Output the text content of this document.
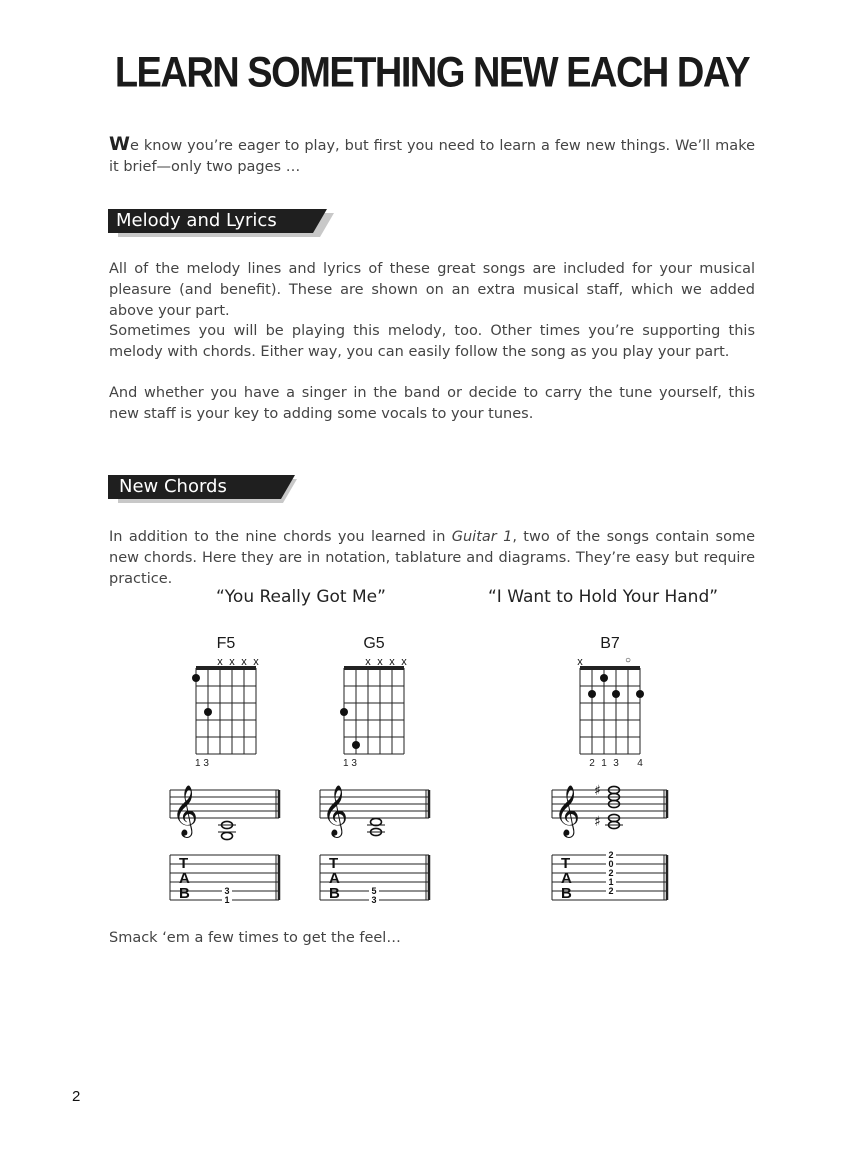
LEARN SOMETHING NEW EACH DAY

We know you’re eager to play, but first you need to learn a few new things. We’ll make it brief—only two pages …

Melody and Lyrics

All of the melody lines and lyrics of these great songs are included for your musical pleasure (and benefit). These are shown on an extra musical staff, which we added above your part.

Sometimes you will be playing this melody, too. Other times you’re supporting this melody with chords. Either way, you can easily follow the song as you play your part.

And whether you have a singer in the band or decide to carry the tune yourself, this new staff is your key to adding some vocals to your tunes.

New Chords

In addition to the nine chords you learned in Guitar 1, two of the songs contain some new chords. Here they are in notation, tablature and diagrams. They’re easy but require practice.

“You Really Got Me”	“I Want to Hold Your Hand”
F5	G5	B7
x x x x	x x x x	x	○
1 3	1 3	2 1 3 4
𝄞	𝄞	𝄞 ♯
♯
T
A
B
T
A
B
T
A
B
3
1
5
3
2
0
2
1
2
Smack ‘em a few times to get the feel…
2
